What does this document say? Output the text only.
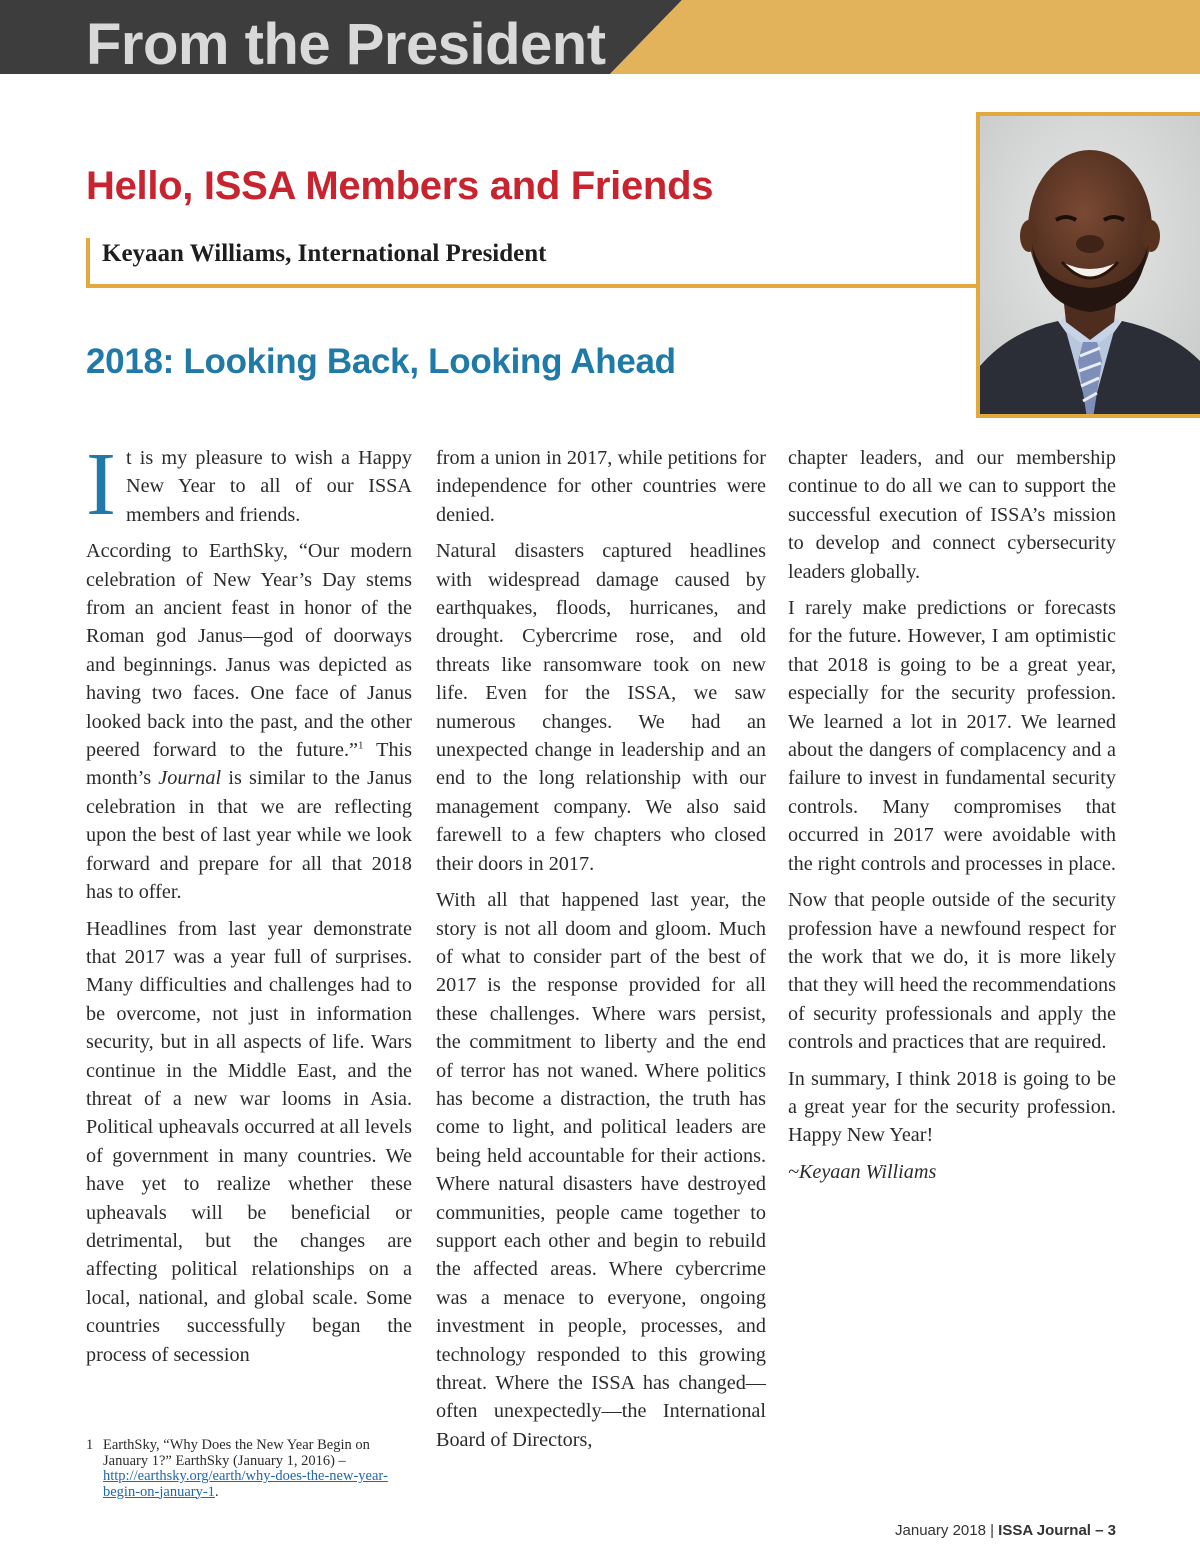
From the President
Hello, ISSA Members and Friends
Keyaan Williams, International President
2018: Looking Back, Looking Ahead

It is my pleasure to wish a Happy New Year to all of our ISSA members and friends.

According to EarthSky, “Our modern celebration of New Year’s Day stems from an ancient feast in honor of the Roman god Janus—god of doorways and beginnings. Janus was depicted as having two faces. One face of Janus looked back into the past, and the other peered forward to the future.”$^1$ This month’s Journal is similar to the Janus celebration in that we are reflecting upon the best of last year while we look forward and prepare for all that 2018 has to offer.

Headlines from last year demonstrate that 2017 was a year full of surprises. Many difficulties and challenges had to be overcome, not just in information security, but in all aspects of life. Wars continue in the Middle East, and the threat of a new war looms in Asia. Political upheavals occurred at all levels of government in many countries. We have yet to realize whether these upheavals will be beneficial or detrimental, but the changes are affecting political relationships on a local, national, and global scale. Some countries successfully began the process of secession

from a union in 2017, while petitions for independence for other countries were denied.

Natural disasters captured headlines with widespread damage caused by earthquakes, floods, hurricanes, and drought. Cybercrime rose, and old threats like ransomware took on new life. Even for the ISSA, we saw numerous changes. We had an unexpected change in leadership and an end to the long relationship with our management company. We also said farewell to a few chapters who closed their doors in 2017.

With all that happened last year, the story is not all doom and gloom. Much of what to consider part of the best of 2017 is the response provided for all these challenges. Where wars persist, the commitment to liberty and the end of terror has not waned. Where politics has become a distraction, the truth has come to light, and political leaders are being held accountable for their actions. Where natural disasters have destroyed communities, people came together to support each other and begin to rebuild the affected areas. Where cybercrime was a menace to everyone, ongoing investment in people, processes, and technology responded to this growing threat. Where the ISSA has changed—often unexpectedly—the International Board of Directors,

chapter leaders, and our membership continue to do all we can to support the successful execution of ISSA’s mission to develop and connect cybersecurity leaders globally.

I rarely make predictions or forecasts for the future. However, I am optimistic that 2018 is going to be a great year, especially for the security profession. We learned a lot in 2017. We learned about the dangers of complacency and a failure to invest in fundamental security controls. Many compromises that occurred in 2017 were avoidable with the right controls and processes in place.

Now that people outside of the security profession have a newfound respect for the work that we do, it is more likely that they will heed the recommendations of security professionals and apply the controls and practices that are required.

In summary, I think 2018 is going to be a great year for the security profession. Happy New Year!

~Keyaan Williams

1 EarthSky, “Why Does the New Year Begin on January 1?” EarthSky (January 1, 2016) – http://earthsky.org/earth/why-does-the-new-year-begin-on-january-1.
January 2018 | ISSA Journal – 3
